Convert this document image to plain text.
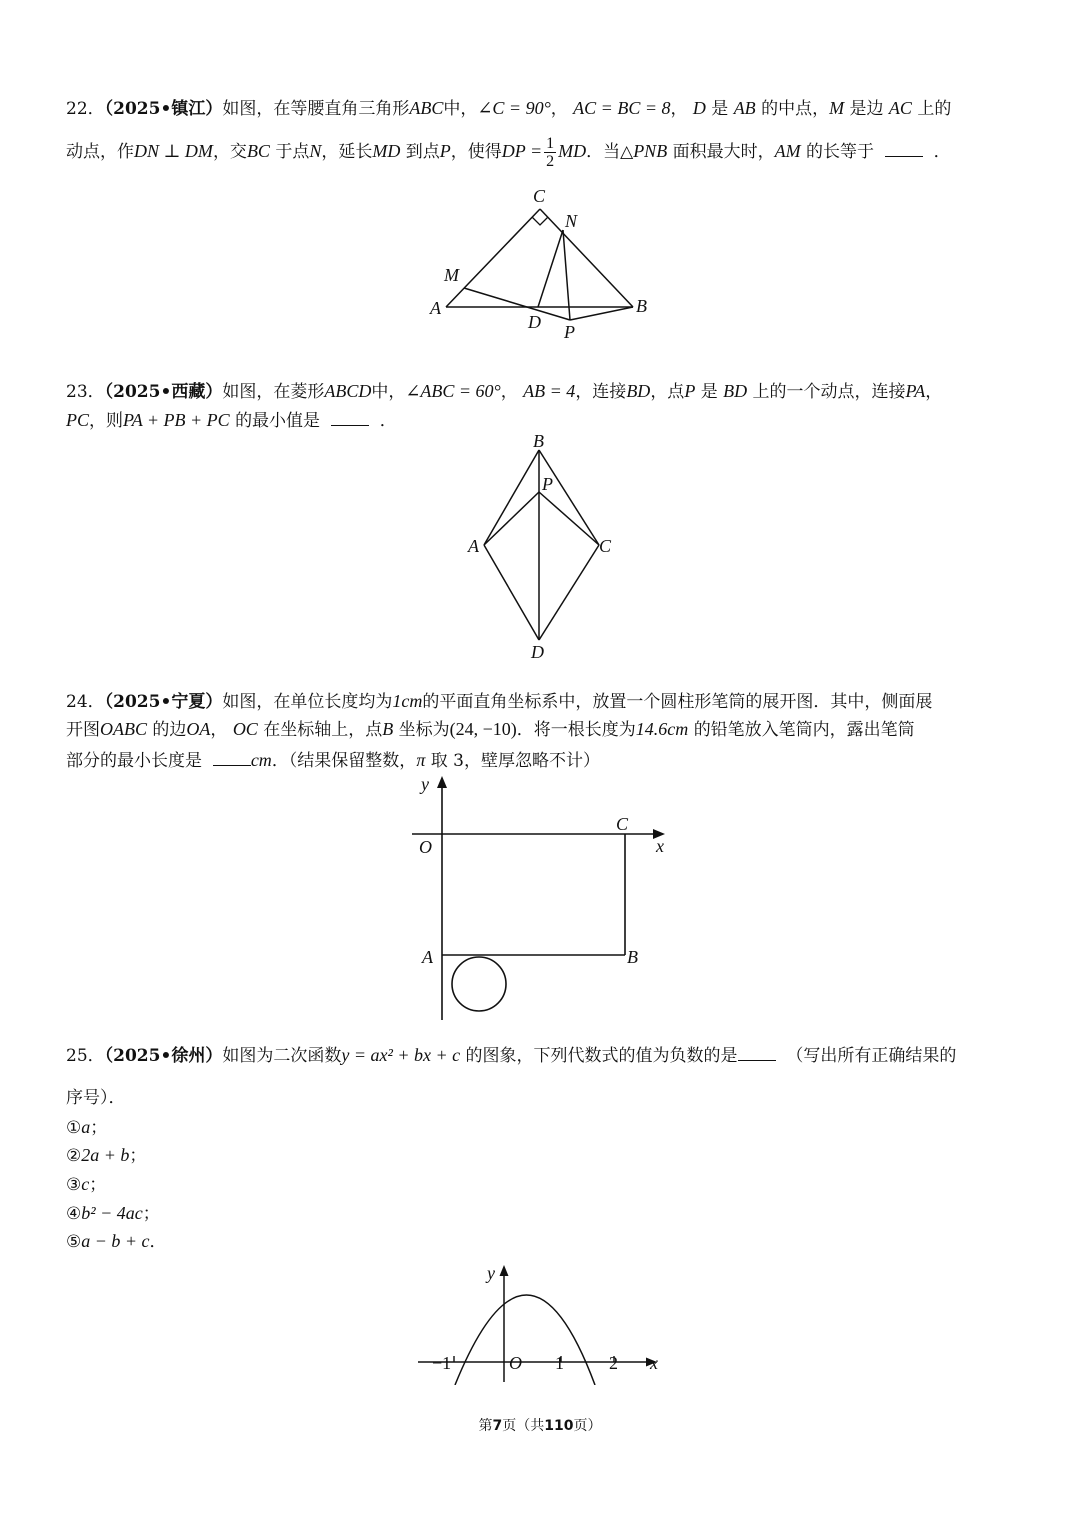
22．（2025•镇江）如图，在等腰直角三角形ABC中，∠C = 90°， AC = BC = 8， D 是 AB 的中点，M 是边 AC 上的
动点，作DN ⊥ DM，交BC 于点N，延长MD 到点P，使得DP = $\frac{1}{2}$ MD．当△PNB 面积最大时，AM 的长等于	．
C
N
M
A
D P
B
23．（2025•西藏）如图，在菱形ABCD中，∠ABC = 60°， AB = 4，连接BD，点P 是 BD 上的一个动点，连接PA，
PC，则PA + PB + PC 的最小值是	．
B
P
A	C
D
24．（2025•宁夏）如图，在单位长度均为1cm的平面直角坐标系中，放置一个圆柱形笔筒的展开图．其中，侧面展
开图OABC 的边OA， OC 在坐标轴上，点B 坐标为(24, −10)．将一根长度为14.6cm 的铅笔放入笔筒内，露出笔筒
部分的最小长度是	cm．（结果保留整数，π 取 3，壁厚忽略不计）
y
x
O
C
A	B
25．（2025•徐州）如图为二次函数y = ax² + bx + c 的图象，下列代数式的值为负数的是	（写出所有正确结果的
序号）．
①a；
②2a + b；
③c；
④b² − 4ac；
⑤a − b + c．
y
x
O
−1	1	2
第7页（共110页）
